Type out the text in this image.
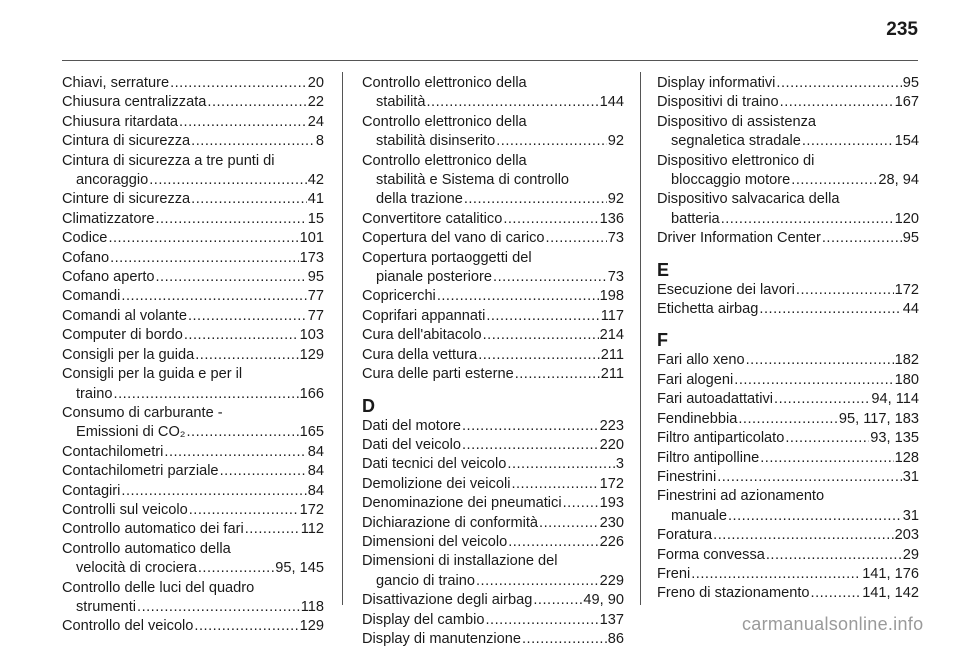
235
Chiavi, serrature .....	20
Chiusura centralizzata .....	22
Chiusura ritardata .....	24
Cintura di sicurezza .....	8
Cintura di sicurezza a tre punti di
ancoraggio .....	42
Cinture di sicurezza .....	41
Climatizzatore .....	15
Codice .....	101
Cofano .....	173
Cofano aperto .....	95
Comandi .....	77
Comandi al volante .....	77
Computer di bordo .....	103
Consigli per la guida .....	129
Consigli per la guida e per il
traino .....	166
Consumo di carburante -
Emissioni di CO₂ .....	165
Contachilometri .....	84
Contachilometri parziale .....	84
Contagiri .....	84
Controlli sul veicolo .....	172
Controllo automatico dei fari .....	112
Controllo automatico della
velocità di crociera .....	95, 145
Controllo delle luci del quadro
strumenti .....	118
Controllo del veicolo .....	129
Controllo elettronico della
stabilità .....	144
Controllo elettronico della
stabilità disinserito .....	92
Controllo elettronico della
stabilità e Sistema di controllo
della trazione .....	92
Convertitore catalitico .....	136
Copertura del vano di carico .....	73
Copertura portaoggetti del
pianale posteriore .....	73
Copricerchi .....	198
Coprifari appannati .....	117
Cura dell'abitacolo .....	214
Cura della vettura .....	211
Cura delle parti esterne .....	211
D
Dati del motore .....	223
Dati del veicolo .....	220
Dati tecnici del veicolo .....	3
Demolizione dei veicoli .....	172
Denominazione dei pneumatici .....	193
Dichiarazione di conformità .....	230
Dimensioni del veicolo .....	226
Dimensioni di installazione del
gancio di traino .....	229
Disattivazione degli airbag .....	49, 90
Display del cambio .....	137
Display di manutenzione .....	86
Display informativi .....	95
Dispositivi di traino .....	167
Dispositivo di assistenza
segnaletica stradale .....	154
Dispositivo elettronico di
bloccaggio motore .....	28, 94
Dispositivo salvacarica della
batteria .....	120
Driver Information Center .....	95
E
Esecuzione dei lavori .....	172
Etichetta airbag .....	44
F
Fari allo xeno .....	182
Fari alogeni .....	180
Fari autoadattativi .....	94, 114
Fendinebbia .....	95, 117, 183
Filtro antiparticolato .....	93, 135
Filtro antipolline .....	128
Finestrini .....	31
Finestrini ad azionamento
manuale .....	31
Foratura .....	203
Forma convessa .....	29
Freni .....	141, 176
Freno di stazionamento .....	141, 142
carmanualsonline.info
